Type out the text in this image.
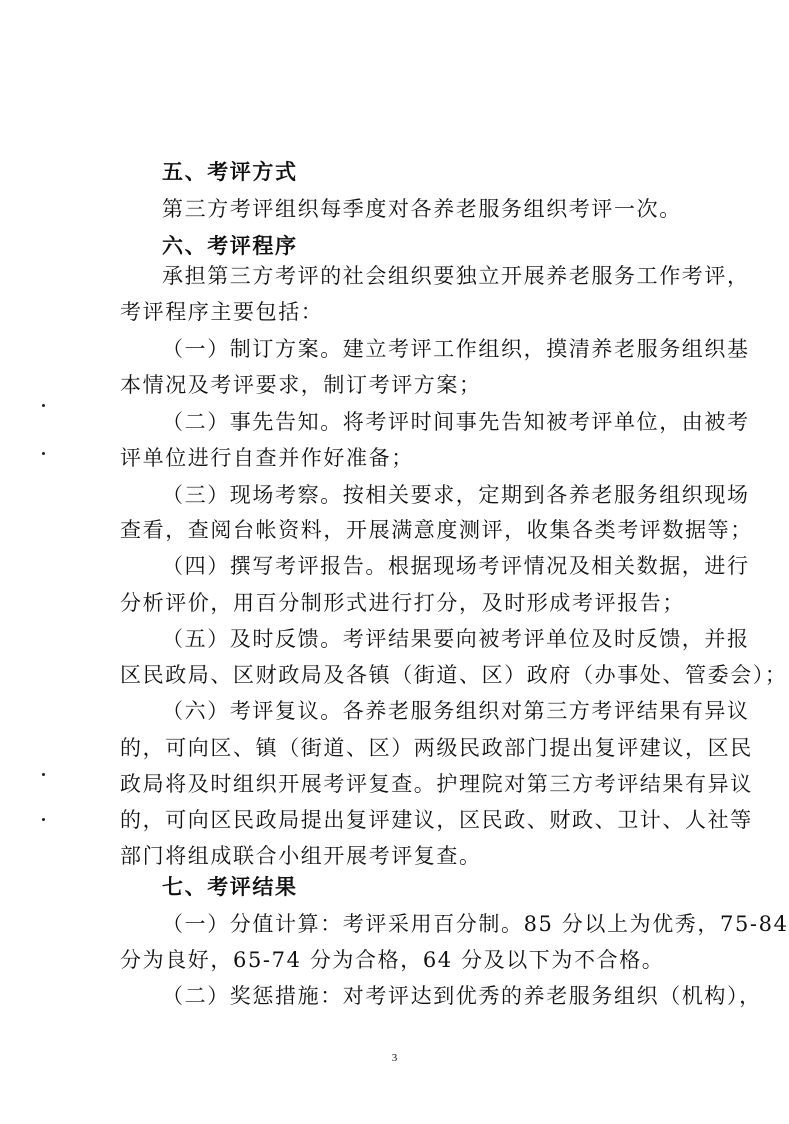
五、考评方式
第三方考评组织每季度对各养老服务组织考评一次。
六、考评程序
承担第三方考评的社会组织要独立开展养老服务工作考评，
考评程序主要包括：
（一）制订方案。建立考评工作组织，摸清养老服务组织基
本情况及考评要求，制订考评方案；
（二）事先告知。将考评时间事先告知被考评单位，由被考
评单位进行自查并作好准备；
（三）现场考察。按相关要求，定期到各养老服务组织现场
查看，查阅台帐资料，开展满意度测评，收集各类考评数据等；
（四）撰写考评报告。根据现场考评情况及相关数据，进行
分析评价，用百分制形式进行打分，及时形成考评报告；
（五）及时反馈。考评结果要向被考评单位及时反馈，并报
区民政局、区财政局及各镇（街道、区）政府（办事处、管委会）；
（六）考评复议。各养老服务组织对第三方考评结果有异议
的，可向区、镇（街道、区）两级民政部门提出复评建议，区民
政局将及时组织开展考评复查。护理院对第三方考评结果有异议
的，可向区民政局提出复评建议，区民政、财政、卫计、人社等
部门将组成联合小组开展考评复查。
七、考评结果
（一）分值计算：考评采用百分制。85 分以上为优秀，75-84
分为良好，65-74 分为合格，64 分及以下为不合格。
（二）奖惩措施：对考评达到优秀的养老服务组织（机构），
3
